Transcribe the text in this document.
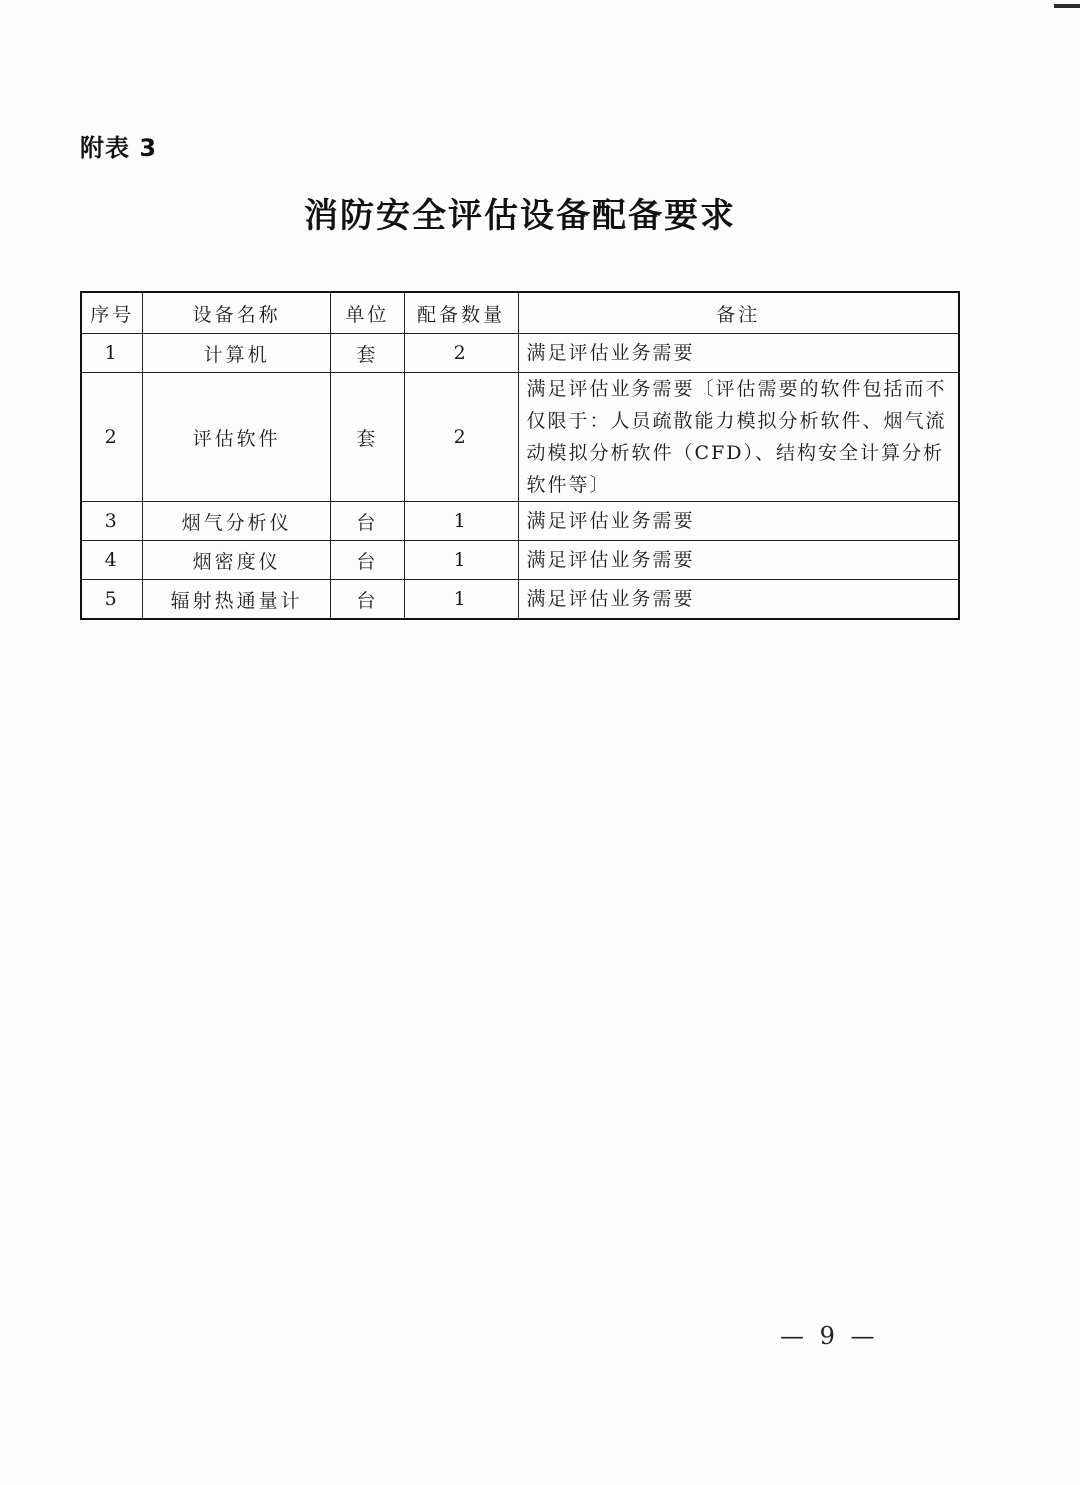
附表 3
消防安全评估设备配备要求
序号	设备名称	单位	配备数量	备注
1	计算机	套	2	满足评估业务需要
2	评估软件	套	2	满足评估业务需要〔评估需要的软件包括而不仅限于：人员疏散能力模拟分析软件、烟气流动模拟分析软件（CFD）、结构安全计算分析软件等〕
3	烟气分析仪	台	1	满足评估业务需要
4	烟密度仪	台	1	满足评估业务需要
5	辐射热通量计	台	1	满足评估业务需要
— 9 —
